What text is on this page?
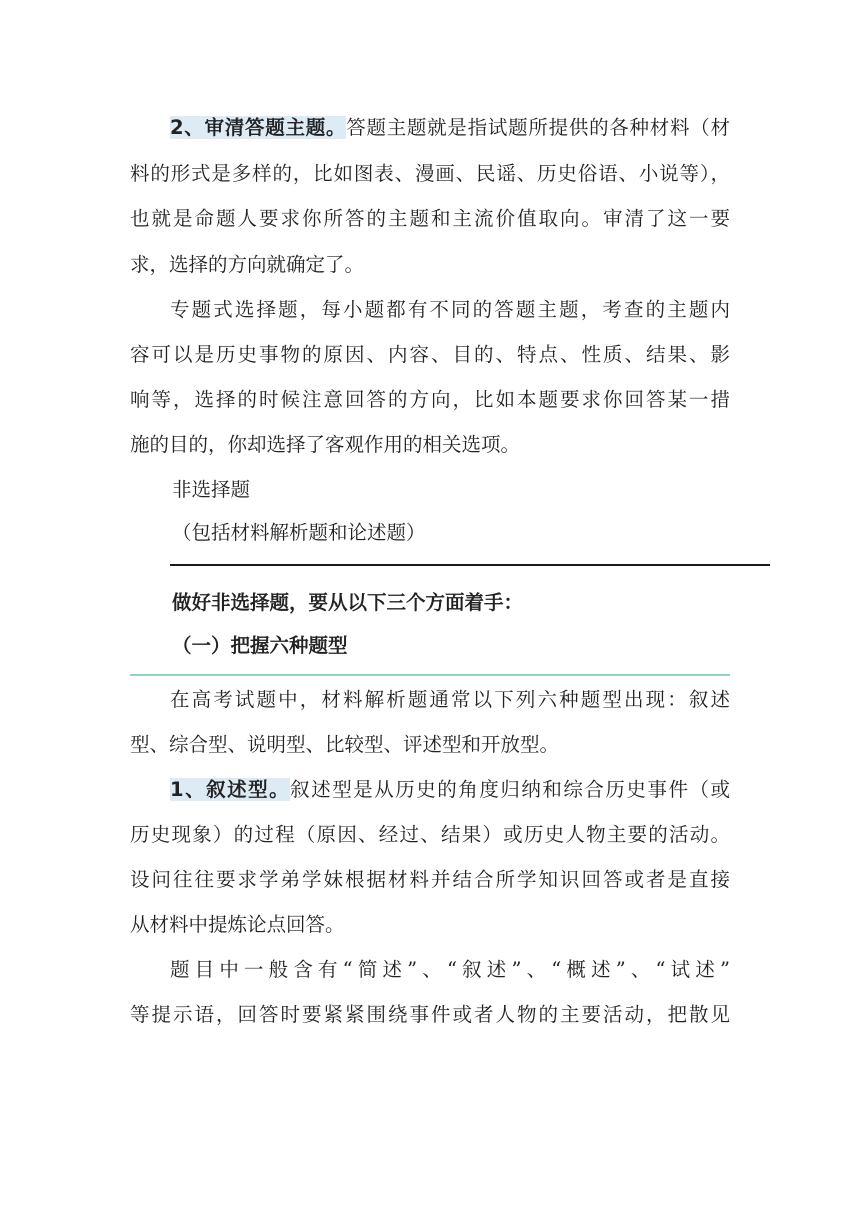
2、审清答题主题。答题主题就是指试题所提供的各种材料（材
料的形式是多样的，比如图表、漫画、民谣、历史俗语、小说等），
也就是命题人要求你所答的主题和主流价值取向。审清了这一要
求，选择的方向就确定了。
专题式选择题，每小题都有不同的答题主题，考查的主题内
容可以是历史事物的原因、内容、目的、特点、性质、结果、影
响等，选择的时候注意回答的方向，比如本题要求你回答某一措
施的目的，你却选择了客观作用的相关选项。
非选择题
（包括材料解析题和论述题）
做好非选择题，要从以下三个方面着手：
（一）把握六种题型
在高考试题中，材料解析题通常以下列六种题型出现：叙述
型、综合型、说明型、比较型、评述型和开放型。
1、叙述型。叙述型是从历史的角度归纳和综合历史事件（或
历史现象）的过程（原因、经过、结果）或历史人物主要的活动。
设问往往要求学弟学妹根据材料并结合所学知识回答或者是直接
从材料中提炼论点回答。
题目中一般含有“简述”、“叙述”、“概述”、“试述”
等提示语，回答时要紧紧围绕事件或者人物的主要活动，把散见
